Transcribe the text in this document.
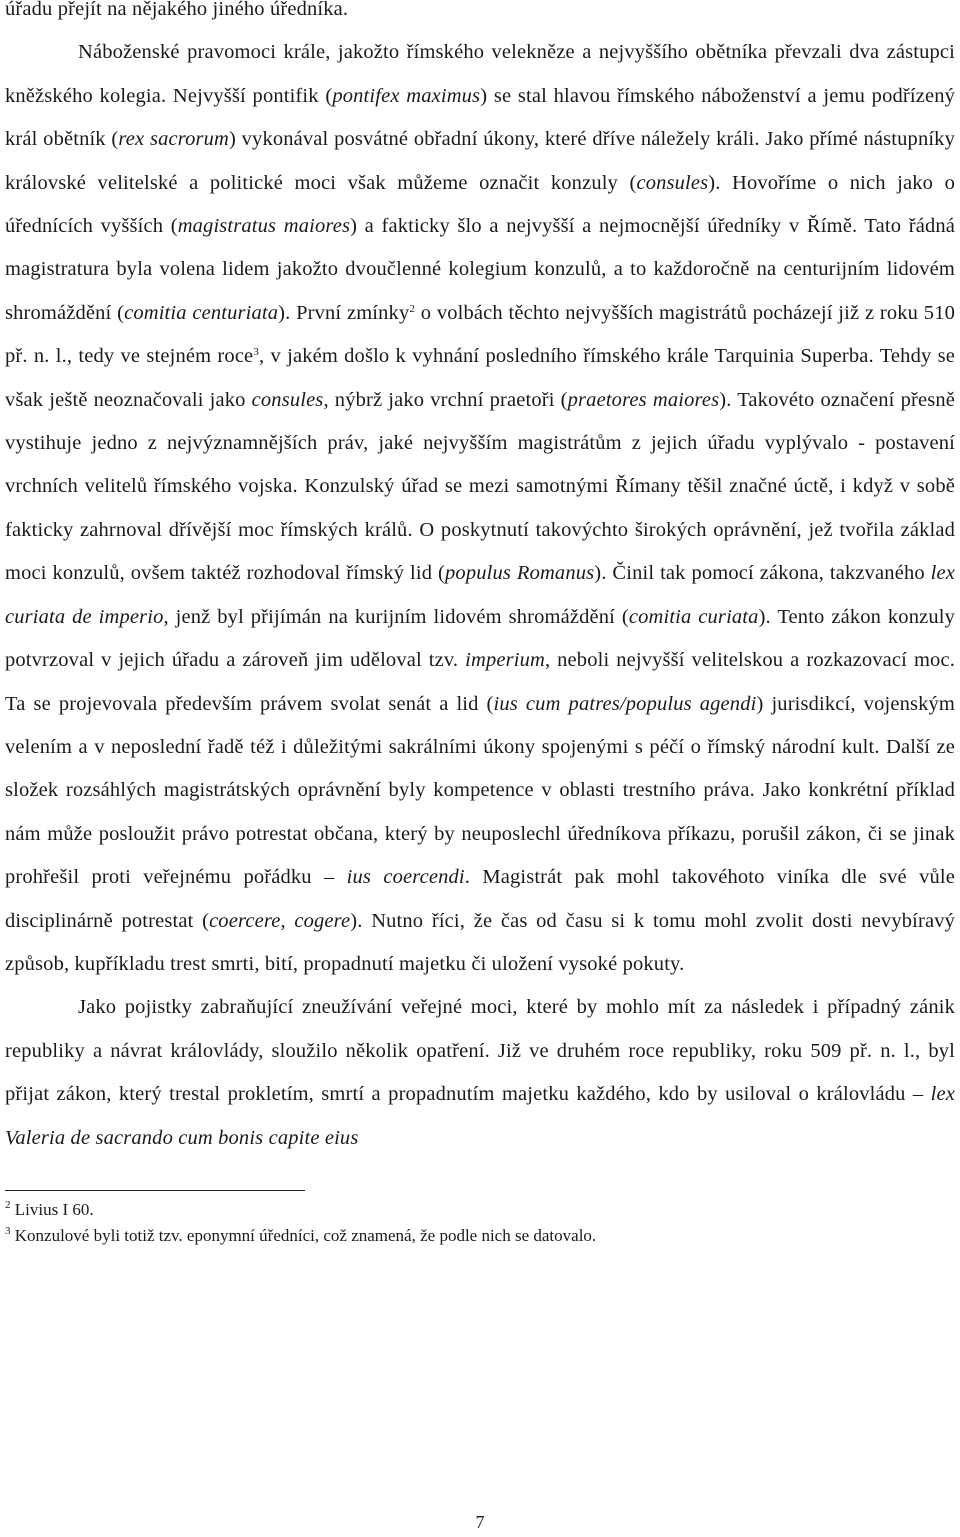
úřadu přejít na nějakého jiného úředníka.

Náboženské pravomoci krále, jakožto římského velekněze a nejvyššího obětníka převzali dva zástupci kněžského kolegia. Nejvyšší pontifik (pontifex maximus) se stal hlavou římského náboženství a jemu podřízený král obětník (rex sacrorum) vykonával posvátné obřadní úkony, které dříve náležely králi. Jako přímé nástupníky královské velitelské a politické moci však můžeme označit konzuly (consules). Hovoříme o nich jako o úřednících vyšších (magistratus maiores) a fakticky šlo a nejvyšší a nejmocnější úředníky v Římě. Tato řádná magistratura byla volena lidem jakožto dvoučlenné kolegium konzulů, a to každoročně na centurijním lidovém shromáždění (comitia centuriata). První zmínky$^2$ o volbách těchto nejvyšších magistrátů pocházejí již z roku 510 př. n. l., tedy ve stejném roce$^3$, v jakém došlo k vyhnání posledního římského krále Tarquinia Superba. Tehdy se však ještě neoznačovali jako consules, nýbrž jako vrchní praetoři (praetores maiores). Takovéto označení přesně vystihuje jedno z nejvýznamnějších práv, jaké nejvyšším magistrátům z jejich úřadu vyplývalo - postavení vrchních velitelů římského vojska. Konzulský úřad se mezi samotnými Římany těšil značné úctě, i když v sobě fakticky zahrnoval dřívější moc římských králů. O poskytnutí takovýchto širokých oprávnění, jež tvořila základ moci konzulů, ovšem taktéž rozhodoval římský lid (populus Romanus). Činil tak pomocí zákona, takzvaného lex curiata de imperio, jenž byl přijímán na kurijním lidovém shromáždění (comitia curiata). Tento zákon konzuly potvrzoval v jejich úřadu a zároveň jim uděloval tzv. imperium, neboli nejvyšší velitelskou a rozkazovací moc. Ta se projevovala především právem svolat senát a lid (ius cum patres/populus agendi) jurisdikcí, vojenským velením a v neposlední řadě též i důležitými sakrálními úkony spojenými s péčí o římský národní kult. Další ze složek rozsáhlých magistrátských oprávnění byly kompetence v oblasti trestního práva. Jako konkrétní příklad nám může posloužit právo potrestat občana, který by neuposlechl úředníkova příkazu, porušil zákon, či se jinak prohřešil proti veřejnému pořádku – ius coercendi. Magistrát pak mohl takovéhoto viníka dle své vůle disciplinárně potrestat (coercere, cogere). Nutno říci, že čas od času si k tomu mohl zvolit dosti nevybíravý způsob, kupříkladu trest smrti, bití, propadnutí majetku či uložení vysoké pokuty.

Jako pojistky zabraňující zneužívání veřejné moci, které by mohlo mít za následek i případný zánik republiky a návrat královlády, sloužilo několik opatření. Již ve druhém roce republiky, roku 509 př. n. l., byl přijat zákon, který trestal prokletím, smrtí a propadnutím majetku každého, kdo by usiloval o královládu – lex Valeria de sacrando cum bonis capite eius

$^2$ Livius I 60.

$^3$ Konzulové byli totiž tzv. eponymní úředníci, což znamená, že podle nich se datovalo.

7
